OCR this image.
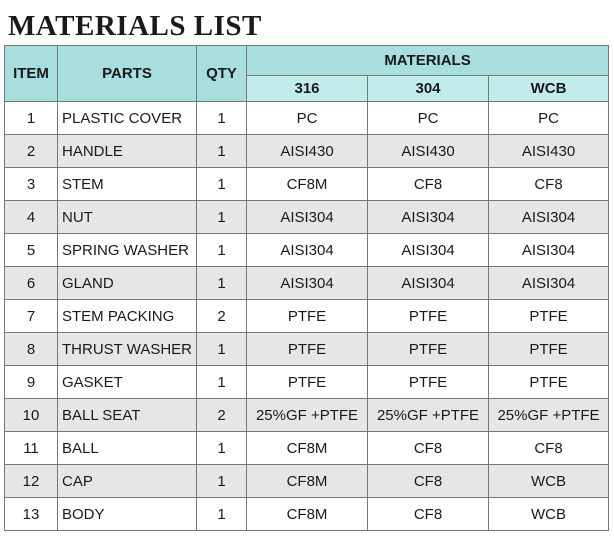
MATERIALS LIST
ITEM	PARTS	QTY	MATERIALS		
			316	304	WCB
1	PLASTIC COVER	1	PC	PC	PC
2	HANDLE	1	AISI430	AISI430	AISI430
3	STEM	1	CF8M	CF8	CF8
4	NUT	1	AISI304	AISI304	AISI304
5	SPRING WASHER	1	AISI304	AISI304	AISI304
6	GLAND	1	AISI304	AISI304	AISI304
7	STEM PACKING	2	PTFE	PTFE	PTFE
8	THRUST WASHER	1	PTFE	PTFE	PTFE
9	GASKET	1	PTFE	PTFE	PTFE
10	BALL SEAT	2	25%GF +PTFE	25%GF +PTFE	25%GF +PTFE
11	BALL	1	CF8M	CF8	CF8
12	CAP	1	CF8M	CF8	WCB
13	BODY	1	CF8M	CF8	WCB
